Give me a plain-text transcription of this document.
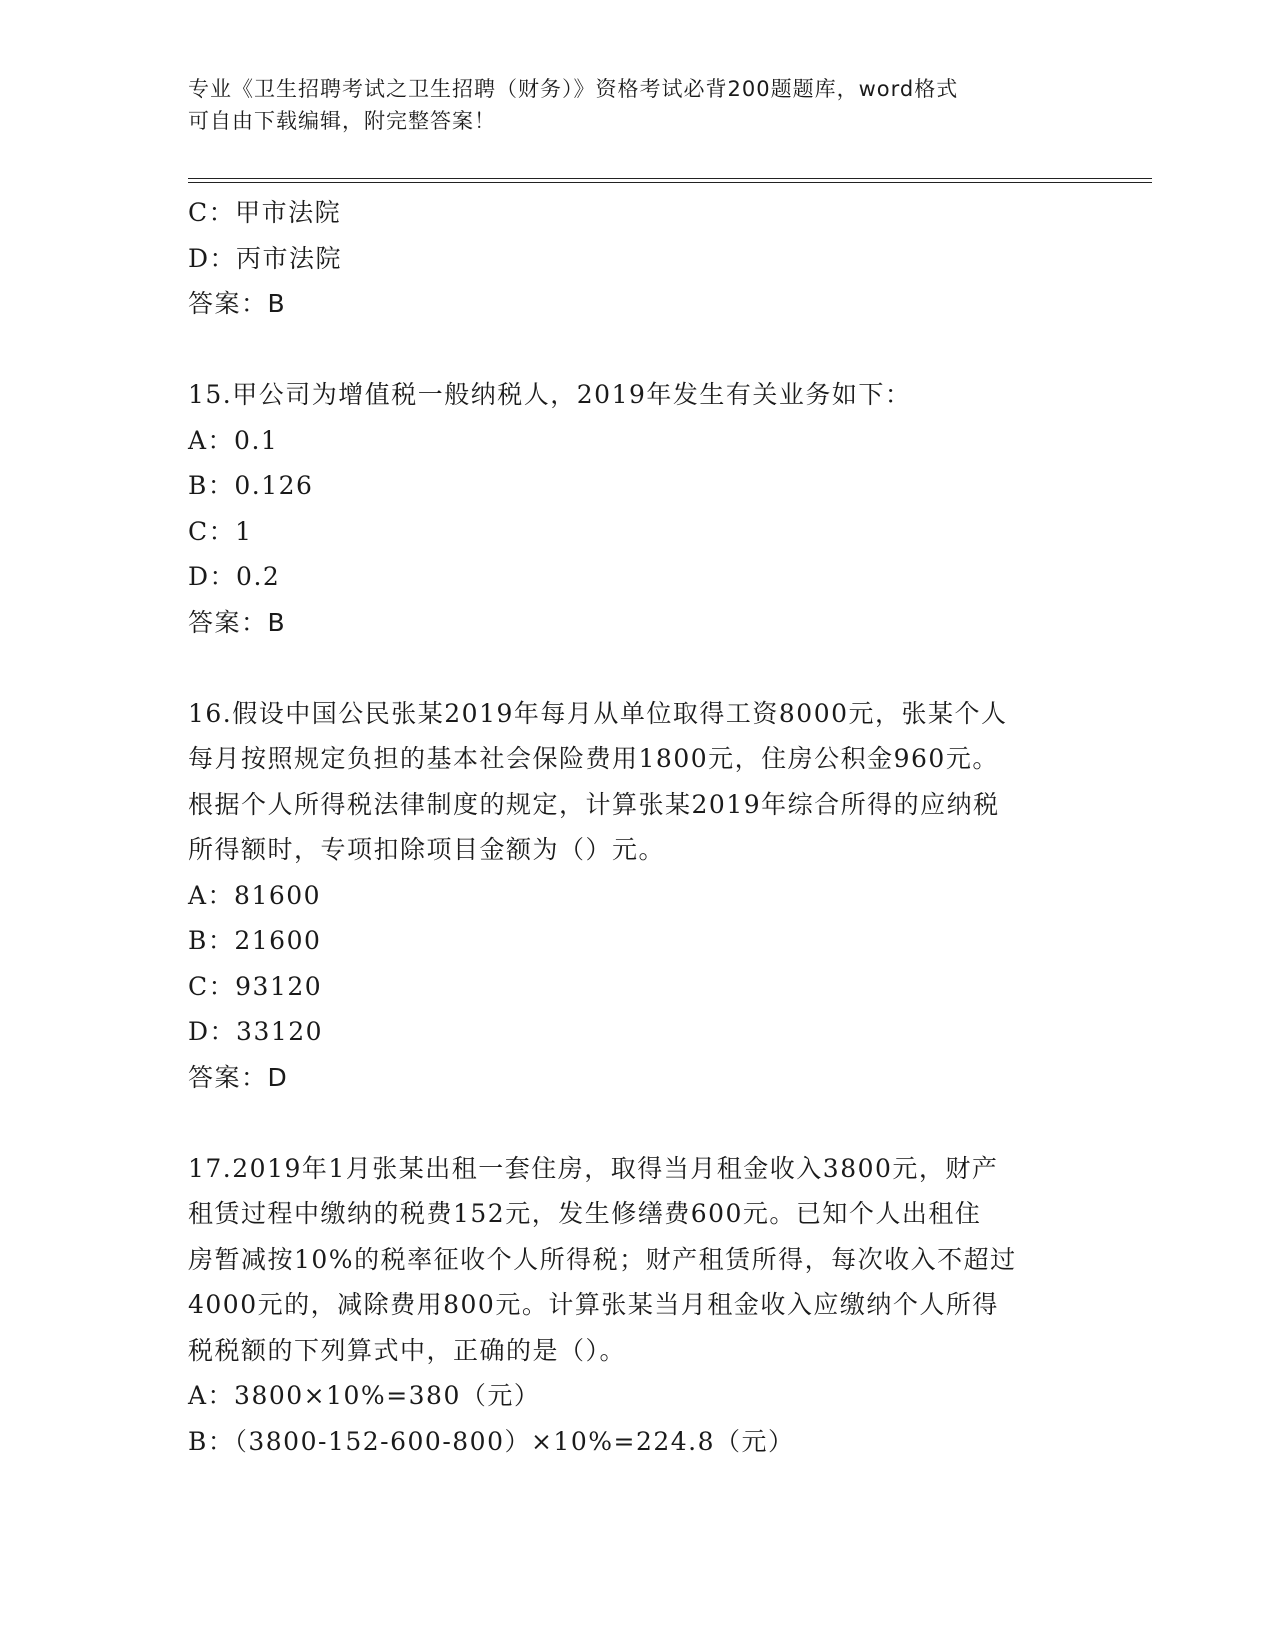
专业《卫生招聘考试之卫生招聘（财务）》资格考试必背200题题库，word格式
可自由下载编辑，附完整答案！
C：甲市法院
D：丙市法院
答案：B
15.甲公司为增值税一般纳税人，2019年发生有关业务如下：
A：0.1
B：0.126
C：1
D：0.2
答案：B
16.假设中国公民张某2019年每月从单位取得工资8000元，张某个人
每月按照规定负担的基本社会保险费用1800元，住房公积金960元。
根据个人所得税法律制度的规定，计算张某2019年综合所得的应纳税
所得额时，专项扣除项目金额为（）元。
A：81600
B：21600
C：93120
D：33120
答案：D
17.2019年1月张某出租一套住房，取得当月租金收入3800元，财产
租赁过程中缴纳的税费152元，发生修缮费600元。已知个人出租住
房暂减按10%的税率征收个人所得税；财产租赁所得，每次收入不超过
4000元的，减除费用800元。计算张某当月租金收入应缴纳个人所得
税税额的下列算式中，正确的是（）。
A：3800×10%=380（元）
B：（3800-152-600-800）×10%=224.8（元）
